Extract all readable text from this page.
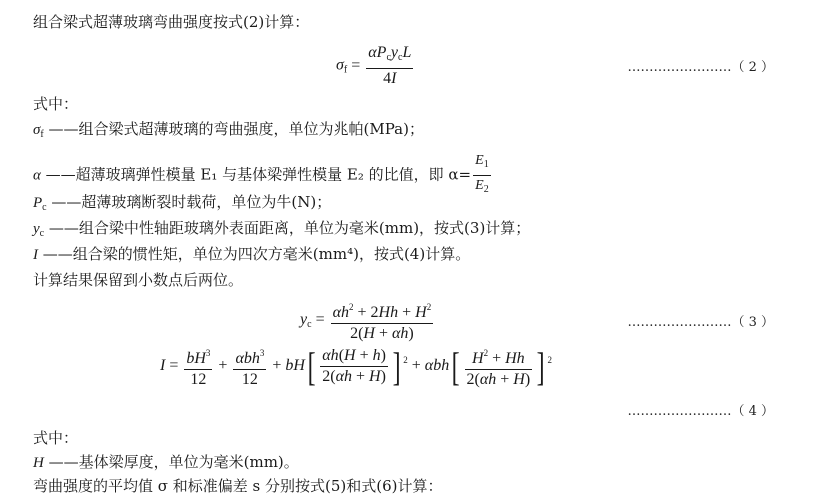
组合梁式超薄玻璃弯曲强度按式(2)计算：
$\sigma_f = \frac{\alpha P_cy_cL}{4I}$	……………………（ 2 ）
式中：
$\sigma_f$ ——组合梁式超薄玻璃的弯曲强度，单位为兆帕(MPa)；
α ——超薄玻璃弹性模量 E₁ 与基体梁弹性模量 E₂ 的比值，即 $\alpha= \frac{E_1}{E_2}$
$P_c$ ——超薄玻璃断裂时载荷，单位为牛(N)；
$y_c$ ——组合梁中性轴距玻璃外表面距离，单位为毫米(mm)，按式(3)计算；
I ——组合梁的惯性矩，单位为四次方毫米(mm⁴)，按式(4)计算。
计算结果保留到小数点后两位。
$y_c = \frac{\alpha h^2 + 2Hh + H^2}{2(H + \alpha h)}$	……………………（ 3 ）
$I = \frac{bH^3}{12} + \frac{\alpha bh^3}{12} + bH[ \frac{\alpha h(H + h)}{2(\alpha h + H)}$ ] $^2 + \alpha bh[ \frac{H^2 + Hh}{2(\alpha h + H)}$ ] $^2$
……………………（ 4 ）
式中：
H ——基体梁厚度，单位为毫米(mm)。
弯曲强度的平均值 σ 和标准偏差 s 分别按式(5)和式(6)计算：
